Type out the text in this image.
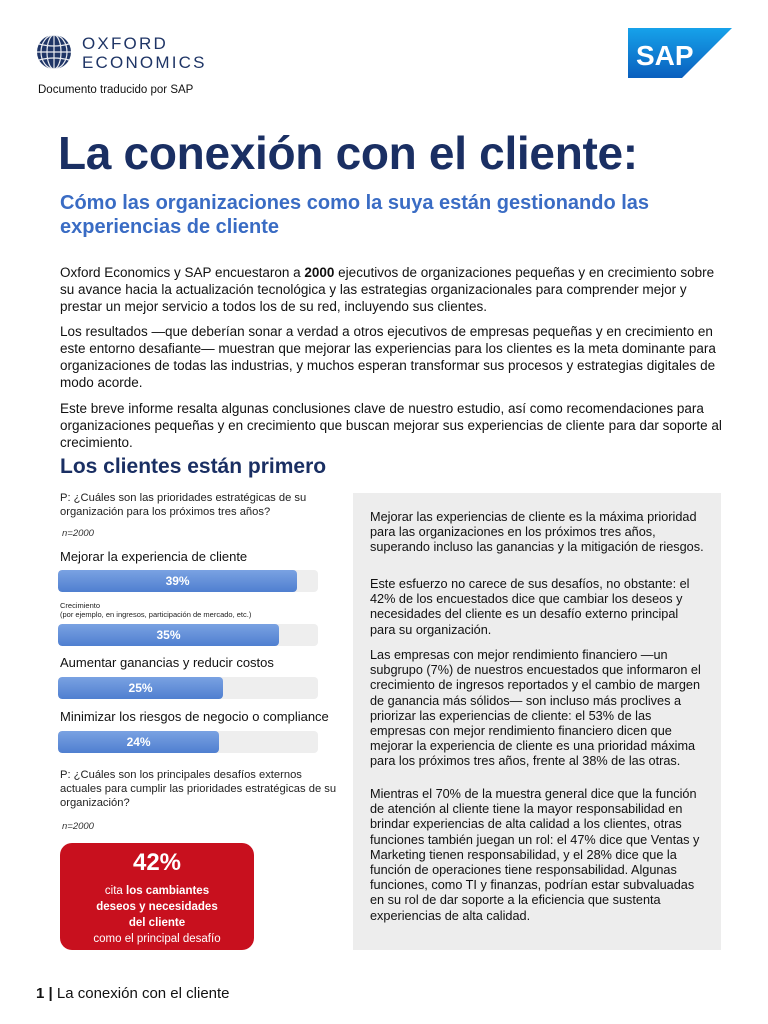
OXFORD
ECONOMICS
Documento traducido por SAP
SAP
La conexión con el cliente:
Cómo las organizaciones como la suya están gestionando las experiencias de cliente
Oxford Economics y SAP encuestaron a 2000 ejecutivos de organizaciones pequeñas y en crecimiento sobre su avance hacia la actualización tecnológica y las estrategias organizacionales para comprender mejor y prestar un mejor servicio a todos los de su red, incluyendo sus clientes.
Los resultados —que deberían sonar a verdad a otros ejecutivos de empresas pequeñas y en crecimiento en este entorno desafiante— muestran que mejorar las experiencias para los clientes es la meta dominante para organizaciones de todas las industrias, y muchos esperan transformar sus procesos y estrategias digitales de modo acorde.
Este breve informe resalta algunas conclusiones clave de nuestro estudio, así como recomendaciones para organizaciones pequeñas y en crecimiento que buscan mejorar sus experiencias de cliente para dar soporte al crecimiento.
Los clientes están primero
P: ¿Cuáles son las prioridades estratégicas de su organización para los próximos tres años?
n=2000
Mejorar la experiencia de cliente
39%
Crecimiento
(por ejemplo, en ingresos, participación de mercado, etc.)
35%
Aumentar ganancias y reducir costos
25%
Minimizar los riesgos de negocio o compliance
24%
P: ¿Cuáles son los principales desafíos externos actuales para cumplir las prioridades estratégicas de su organización?
n=2000
42%
cita los cambiantes
deseos y necesidades
del cliente
como el principal desafío
Mejorar las experiencias de cliente es la máxima prioridad para las organizaciones en los próximos tres años, superando incluso las ganancias y la mitigación de riesgos.
Este esfuerzo no carece de sus desafíos, no obstante: el 42% de los encuestados dice que cambiar los deseos y necesidades del cliente es un desafío externo principal para su organización.
Las empresas con mejor rendimiento financiero —un subgrupo (7%) de nuestros encuestados que informaron el crecimiento de ingresos reportados y el cambio de margen de ganancia más sólidos— son incluso más proclives a priorizar las experiencias de cliente: el 53% de las empresas con mejor rendimiento financiero dicen que mejorar la experiencia de cliente es una prioridad máxima para los próximos tres años, frente al 38% de las otras.
Mientras el 70% de la muestra general dice que la función de atención al cliente tiene la mayor responsabilidad en brindar experiencias de alta calidad a los clientes, otras funciones también juegan un rol: el 47% dice que Ventas y Marketing tienen responsabilidad, y el 28% dice que la función de operaciones tiene responsabilidad. Algunas funciones, como TI y finanzas, podrían estar subvaluadas en su rol de dar soporte a la eficiencia que sustenta experiencias de alta calidad.
1 | La conexión con el cliente
